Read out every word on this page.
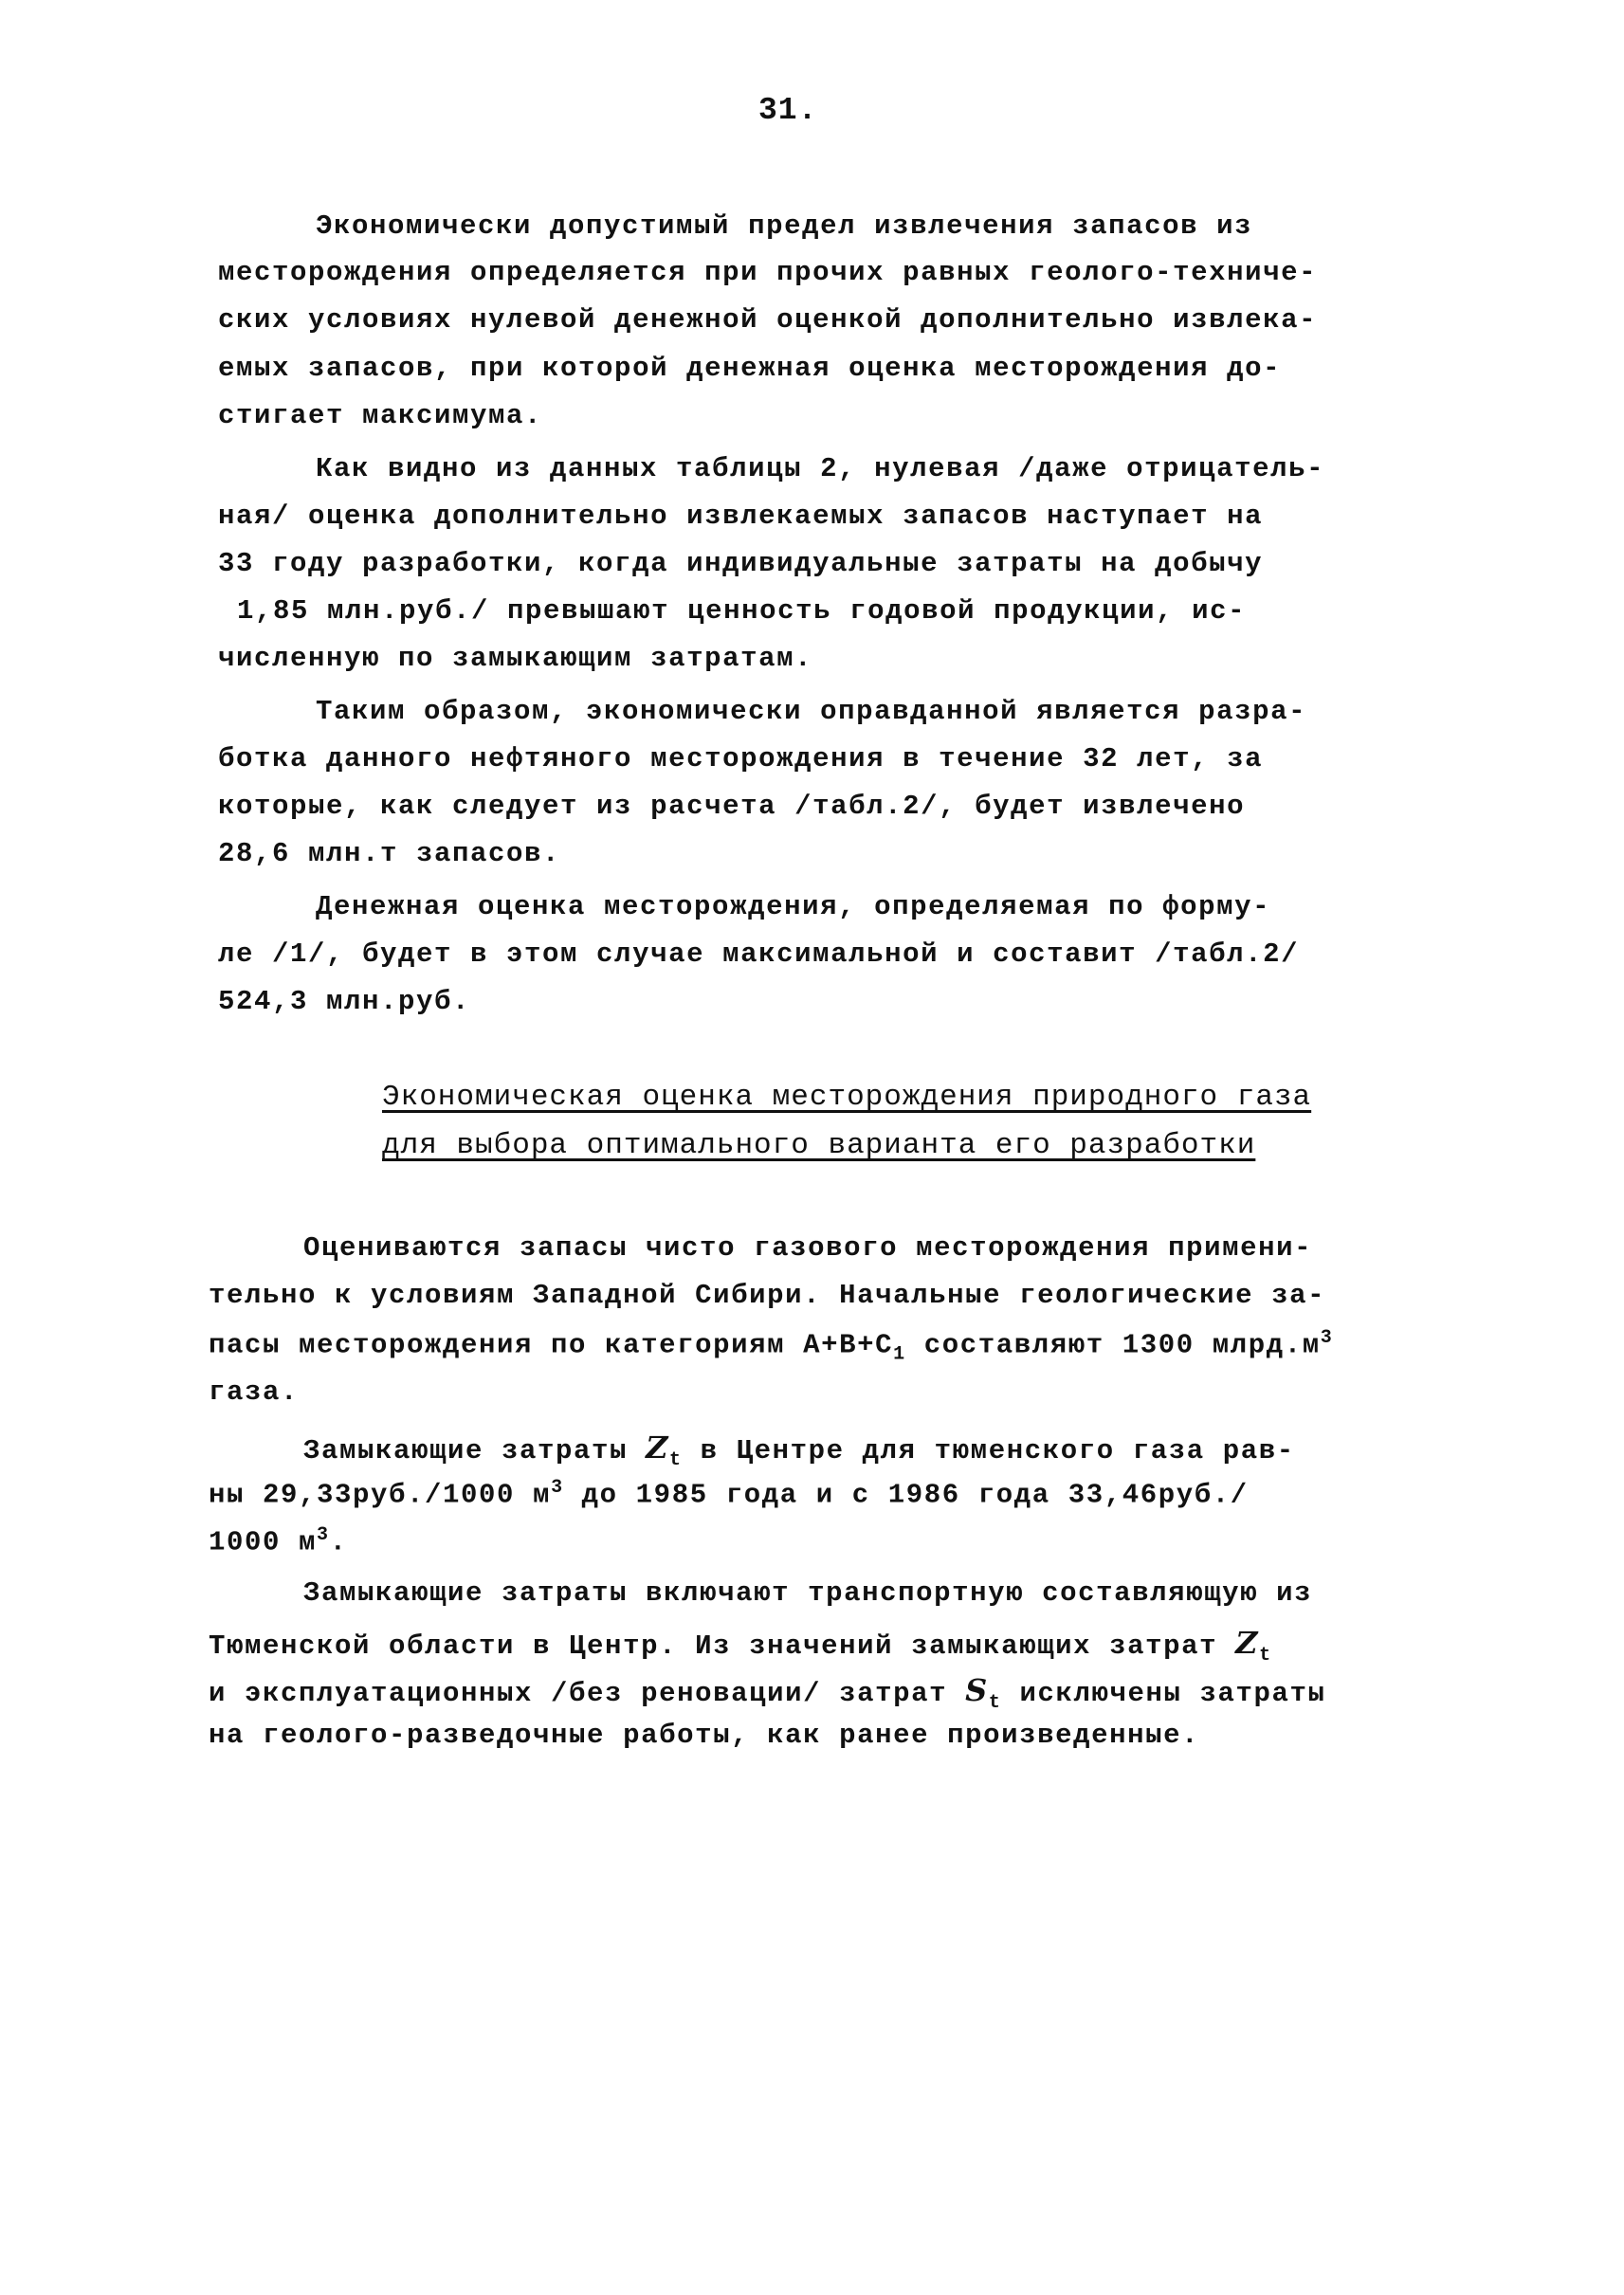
31.
Экономически допустимый предел извлечения запасов из
месторождения определяется при прочих равных геолого-техниче-
ских условиях нулевой денежной оценкой дополнительно извлека-
емых запасов, при которой денежная оценка месторождения до-
стигает максимума.
Как видно из данных таблицы 2, нулевая /даже отрицатель-
ная/ оценка дополнительно извлекаемых запасов наступает на
33 году разработки, когда индивидуальные затраты на добычу
1,85 млн.руб./ превышают ценность годовой продукции, ис-
численную по замыкающим затратам.
Таким образом, экономически оправданной является разра-
ботка данного нефтяного месторождения в течение 32 лет, за
которые, как следует из расчета /табл.2/, будет извлечено
28,6 млн.т запасов.
Денежная оценка месторождения, определяемая по форму-
ле /1/, будет в этом случае максимальной и составит /табл.2/
524,3 млн.руб.
Экономическая оценка месторождения природного газа
для выбора оптимального варианта его разработки
Оцениваются запасы чисто газового месторождения примени-
тельно к условиям Западной Сибири. Начальные геологические за-
пасы месторождения по категориям $А+В+С_1$ составляют 1300 $млрд.м^3$
газа.
Замыкающие затраты $Z_t$ в Центре для тюменского газа рав-
ны 29,33руб./1000 $м^3$ до 1985 года и с 1986 года 33,46руб./
1000 $м^3$.
Замыкающие затраты включают транспортную составляющую из
Тюменской области в Центр. Из значений замыкающих затрат $Z_t$
и эксплуатационных /без реновации/ затрат $S_t$ исключены затраты
на геолого-разведочные работы, как ранее произведенные.
